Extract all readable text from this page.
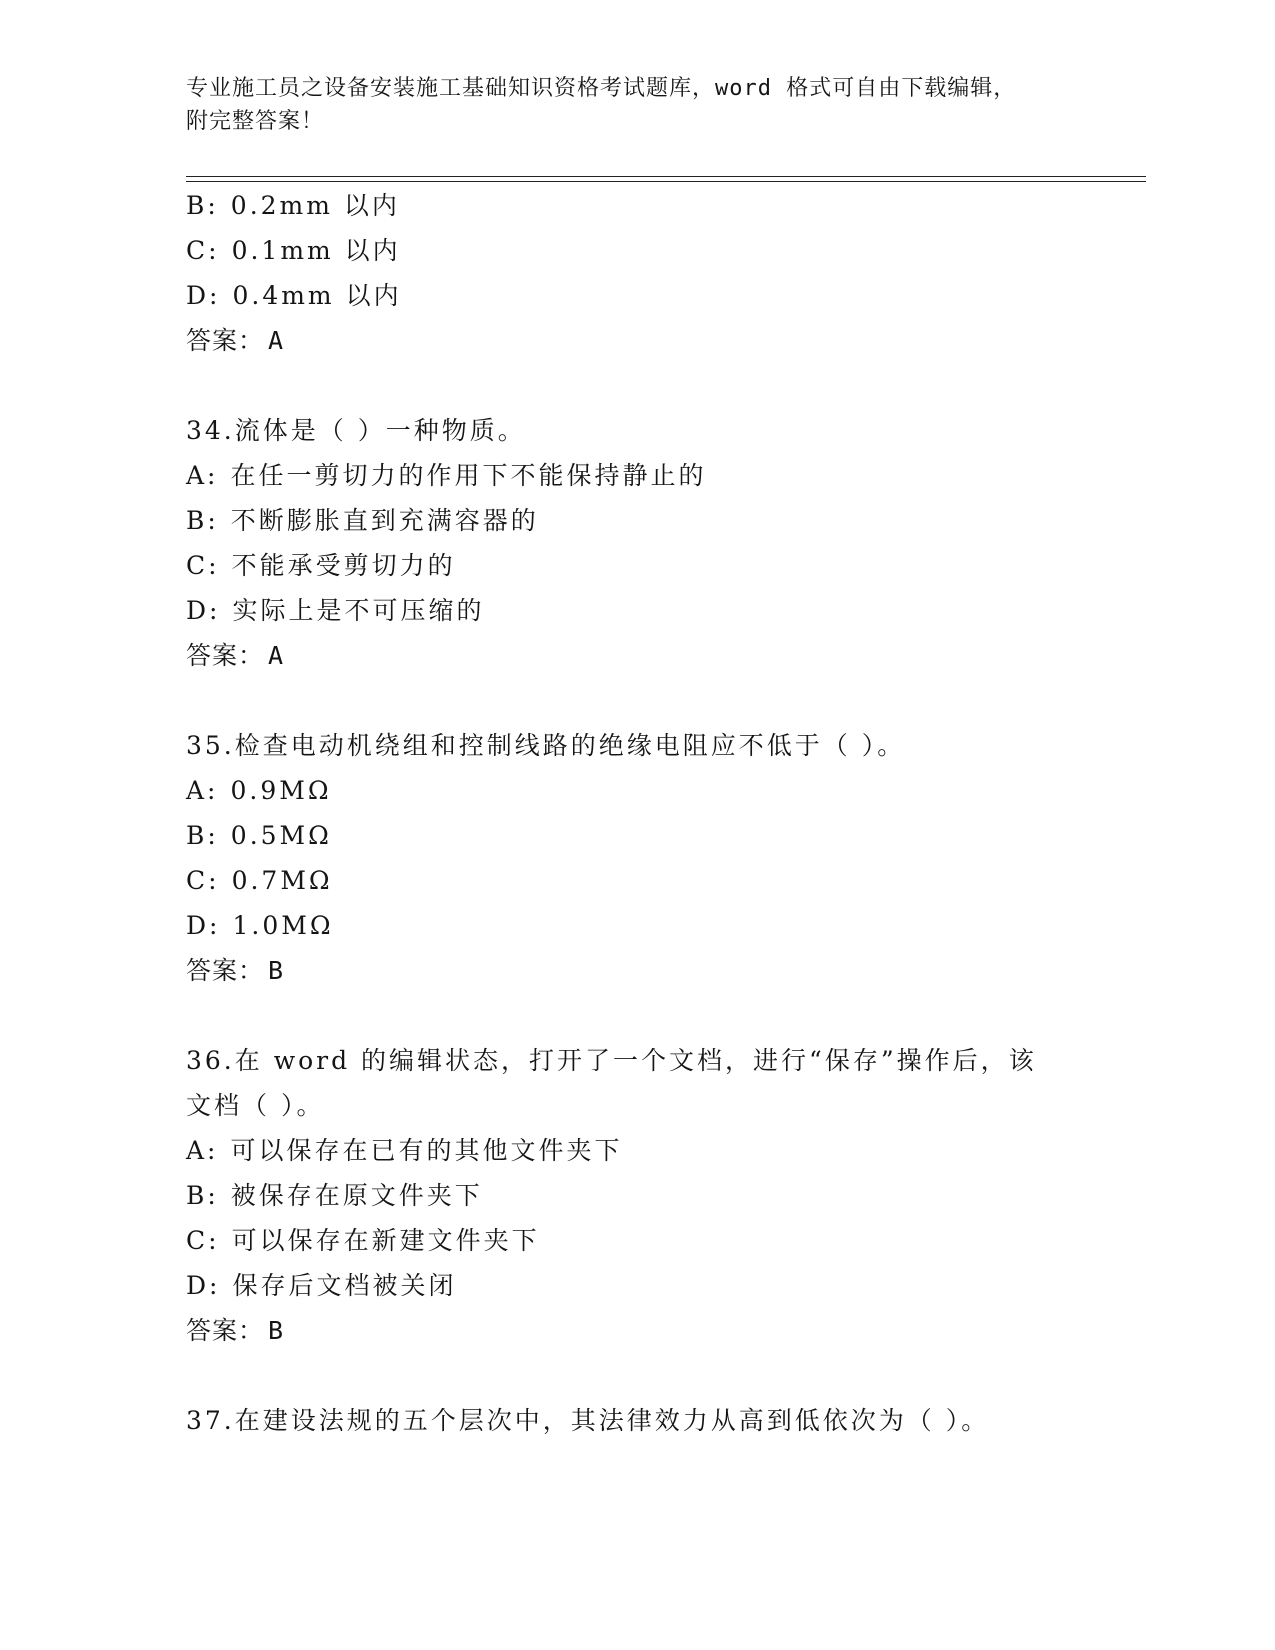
专业施工员之设备安装施工基础知识资格考试题库，word 格式可自由下载编辑，
附完整答案！
B: 0.2mm 以内
C: 0.1mm 以内
D: 0.4mm 以内
答案： A
34.流体是（ ）一种物质。
A: 在任一剪切力的作用下不能保持静止的
B: 不断膨胀直到充满容器的
C: 不能承受剪切力的
D: 实际上是不可压缩的
答案： A
35.检查电动机绕组和控制线路的绝缘电阻应不低于（ ）。
A: 0.9MΩ
B: 0.5MΩ
C: 0.7MΩ
D: 1.0MΩ
答案： B
36.在 word 的编辑状态，打开了一个文档，进行“保存”操作后，该
文档（ ）。
A: 可以保存在已有的其他文件夹下
B: 被保存在原文件夹下
C: 可以保存在新建文件夹下
D: 保存后文档被关闭
答案： B
37.在建设法规的五个层次中，其法律效力从高到低依次为（ ）。
